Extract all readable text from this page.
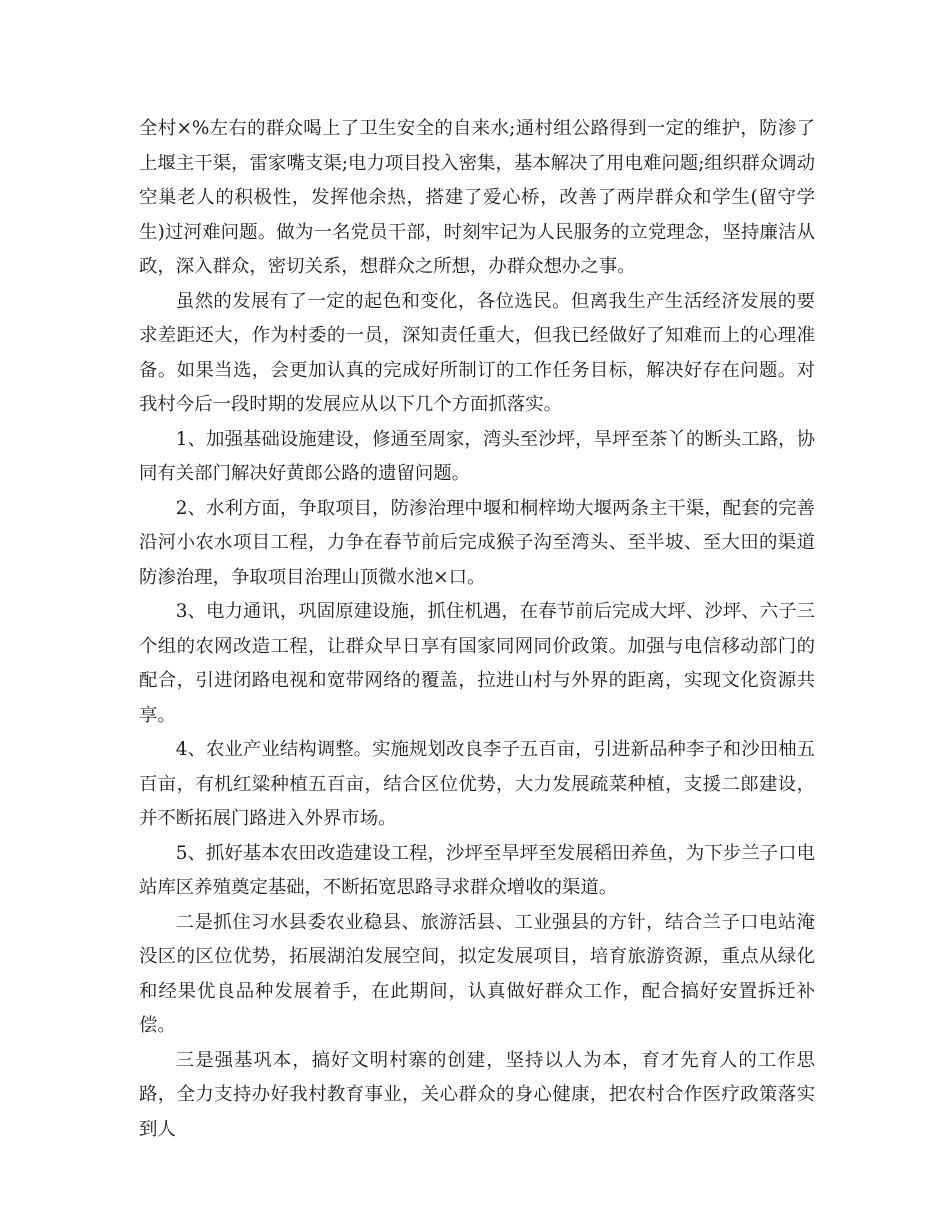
全村×%左右的群众喝上了卫生安全的自来水;通村组公路得到一定的维护，防渗了上堰主干渠，雷家嘴支渠;电力项目投入密集，基本解决了用电难问题;组织群众调动空巢老人的积极性，发挥他余热，搭建了爱心桥，改善了两岸群众和学生(留守学生)过河难问题。做为一名党员干部，时刻牢记为人民服务的立党理念，坚持廉洁从政，深入群众，密切关系，想群众之所想，办群众想办之事。

虽然的发展有了一定的起色和变化，各位选民。但离我生产生活经济发展的要求差距还大，作为村委的一员，深知责任重大，但我已经做好了知难而上的心理准备。如果当选，会更加认真的完成好所制订的工作任务目标，解决好存在问题。对我村今后一段时期的发展应从以下几个方面抓落实。

1、加强基础设施建设，修通至周家，湾头至沙坪，旱坪至茶丫的断头工路，协同有关部门解决好黄郎公路的遗留问题。

2、水利方面，争取项目，防渗治理中堰和桐梓坳大堰两条主干渠，配套的完善沿河小农水项目工程，力争在春节前后完成猴子沟至湾头、至半坡、至大田的渠道防渗治理，争取项目治理山顶微水池×口。

3、电力通讯，巩固原建设施，抓住机遇，在春节前后完成大坪、沙坪、六子三个组的农网改造工程，让群众早日享有国家同网同价政策。加强与电信移动部门的配合，引进闭路电视和宽带网络的覆盖，拉进山村与外界的距离，实现文化资源共享。

4、农业产业结构调整。实施规划改良李子五百亩，引进新品种李子和沙田柚五百亩，有机红粱种植五百亩，结合区位优势，大力发展疏菜种植，支援二郎建设，并不断拓展门路进入外界市场。

5、抓好基本农田改造建设工程，沙坪至旱坪至发展稻田养鱼，为下步兰子口电站库区养殖奠定基础，不断拓宽思路寻求群众增收的渠道。

二是抓住习水县委农业稳县、旅游活县、工业强县的方针，结合兰子口电站淹没区的区位优势，拓展湖泊发展空间，拟定发展项目，培育旅游资源，重点从绿化和经果优良品种发展着手，在此期间，认真做好群众工作，配合搞好安置拆迁补偿。

三是强基巩本，搞好文明村寨的创建，坚持以人为本，育才先育人的工作思路，全力支持办好我村教育事业，关心群众的身心健康，把农村合作医疗政策落实到人
